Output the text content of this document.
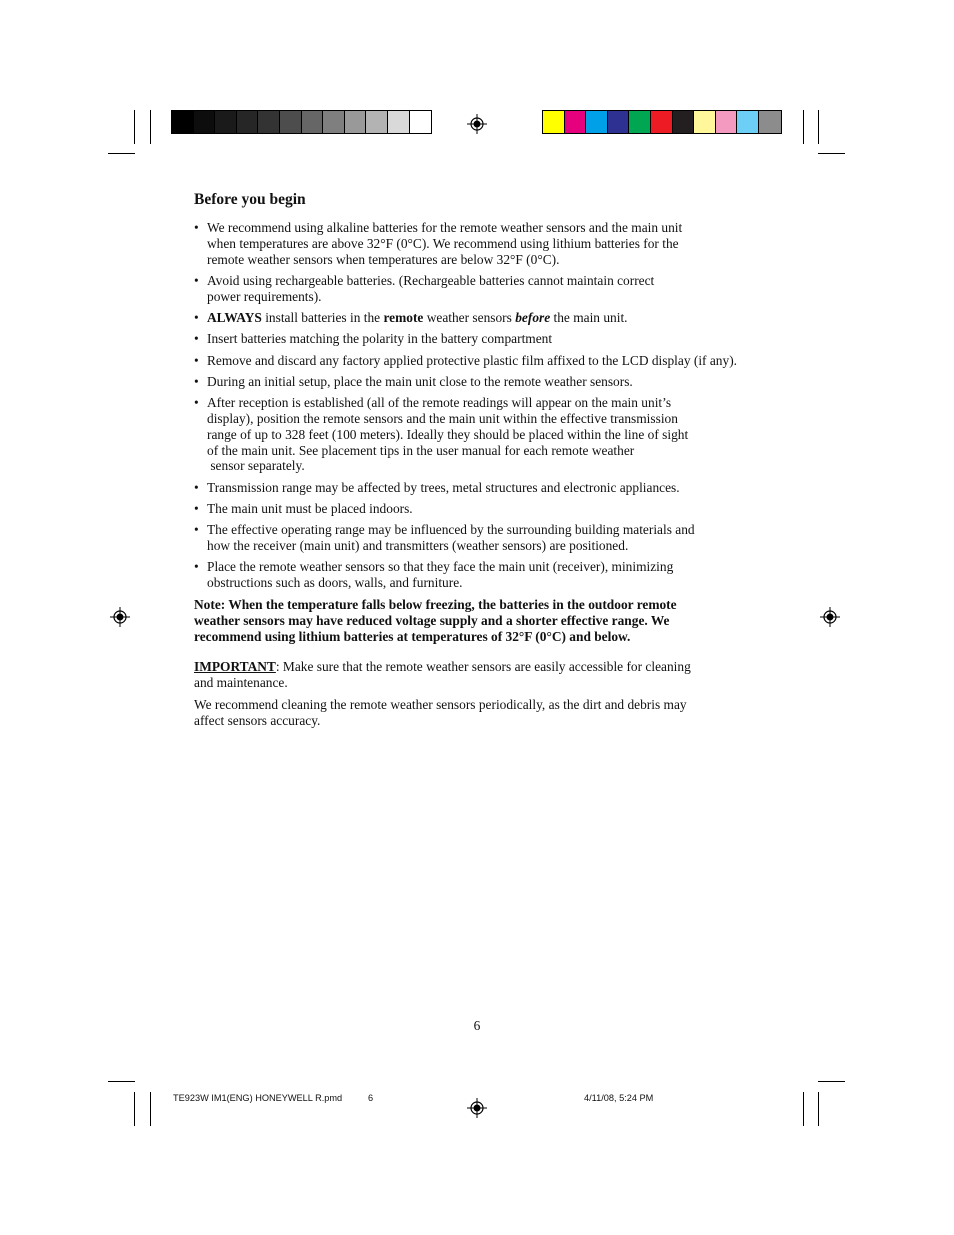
Before you begin
• We recommend using alkaline batteries for the remote weather sensors and the main unit
when temperatures are above 32°F (0°C). We recommend using lithium batteries for the
remote weather sensors when temperatures are below 32°F (0°C).
• Avoid using rechargeable batteries. (Rechargeable batteries cannot maintain correct
power requirements).
• ALWAYS install batteries in the remote weather sensors before the main unit.
• Insert batteries matching the polarity in the battery compartment
• Remove and discard any factory applied protective plastic film affixed to the LCD display (if any).
• During an initial setup, place the main unit close to the remote weather sensors.
• After reception is established (all of the remote readings will appear on the main unit’s
display), position the remote sensors and the main unit within the effective transmission
range of up to 328 feet (100 meters). Ideally they should be placed within the line of sight
of the main unit. See placement tips in the user manual for each remote weather
sensor separately.
• Transmission range may be affected by trees, metal structures and electronic appliances.
• The main unit must be placed indoors.
• The effective operating range may be influenced by the surrounding building materials and
how the receiver (main unit) and transmitters (weather sensors) are positioned.
• Place the remote weather sensors so that they face the main unit (receiver), minimizing
obstructions such as doors, walls, and furniture.

Note: When the temperature falls below freezing, the batteries in the outdoor remote
weather sensors may have reduced voltage supply and a shorter effective range. We
recommend using lithium batteries at temperatures of 32°F (0°C) and below.

IMPORTANT: Make sure that the remote weather sensors are easily accessible for cleaning
and maintenance.

We recommend cleaning the remote weather sensors periodically, as the dirt and debris may
affect sensors accuracy.

6
TE923W IM1(ENG) HONEYWELL R.pmd	6	4/11/08, 5:24 PM
